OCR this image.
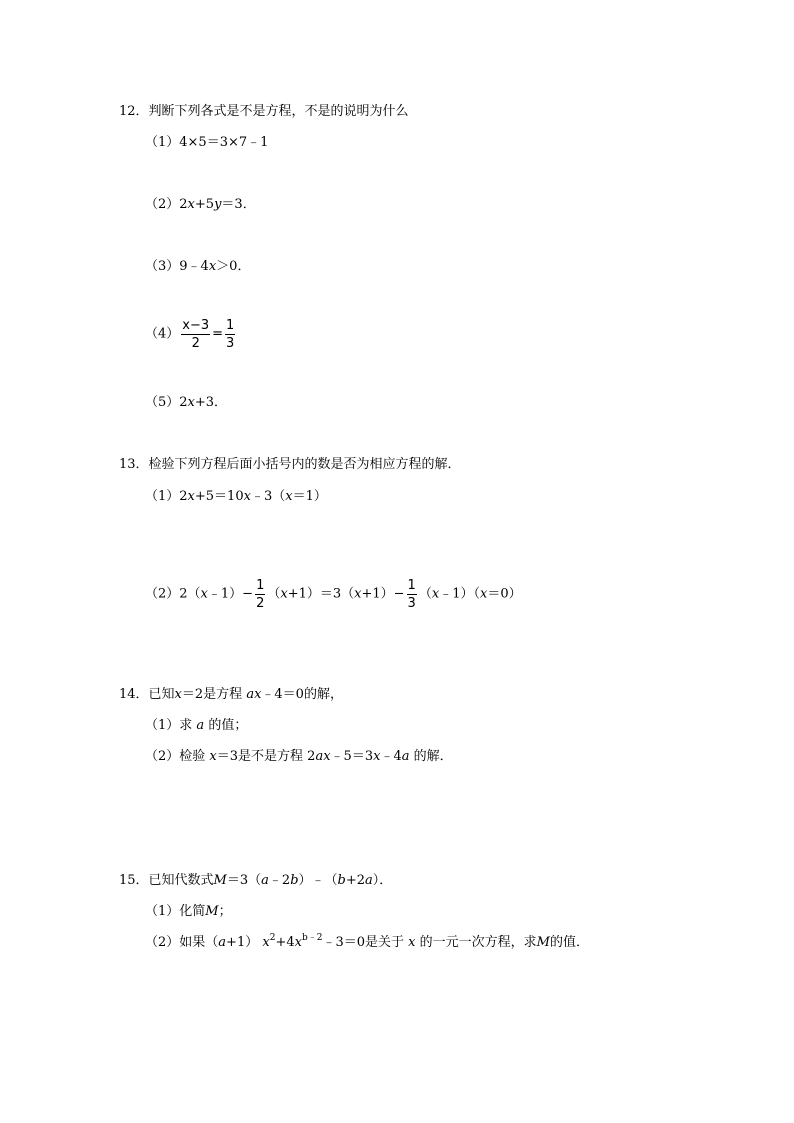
12．判断下列各式是不是方程，不是的说明为什么
（1）4×5＝3×7﹣1
（2）2x+5y＝3．
（3）9﹣4x＞0．
$(4) \frac{x-3}{2} = \frac{1}{3}$
（5）2x+3．
13．检验下列方程后面小括号内的数是否为相应方程的解．
（1）2x+5＝10x﹣3（x＝1）
（2）2（x﹣1）− $\frac{1}{2} (x+1)=3(x+1)- \frac{1}{3}$ （x﹣1）（x＝0）
14．已知x＝2是方程 ax﹣4＝0的解，
（1）求 a 的值；
（2）检验 x＝3是不是方程 2ax﹣5＝3x﹣4a 的解．
15．已知代数式M＝3（a﹣2b）﹣（b+2a）．
（1）化简M；
（2）如果（a+1） $x^2+4x^{b﹣2}﹣3=0$是关于 x 的一元一次方程，求M的值．
